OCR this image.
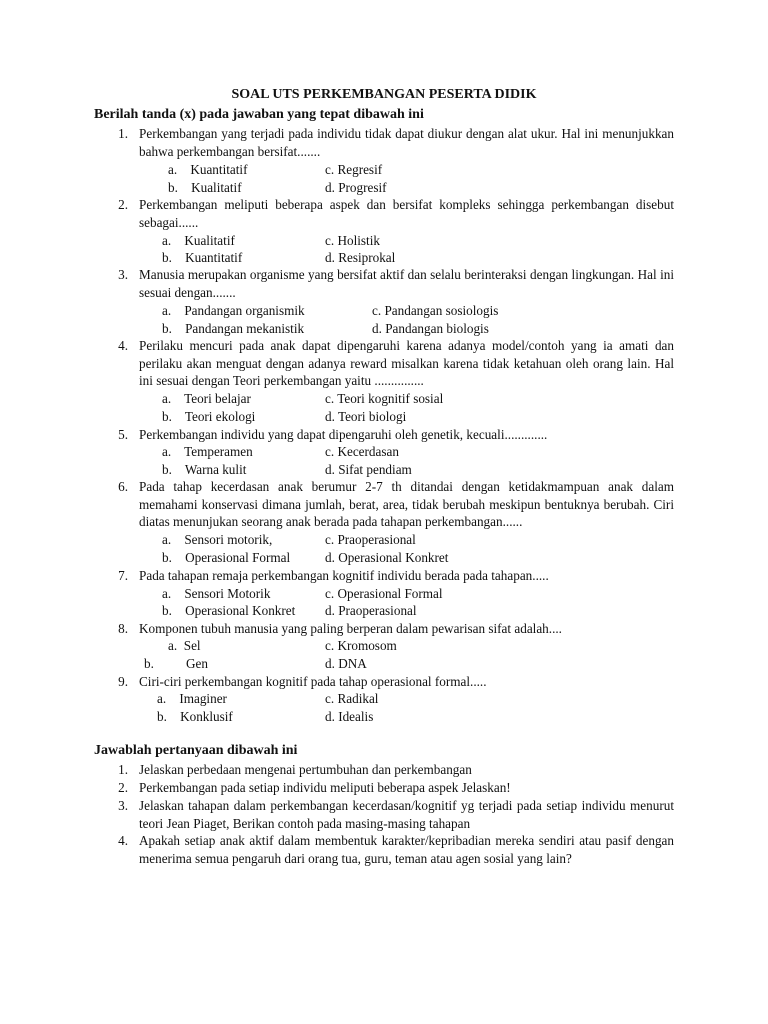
SOAL UTS PERKEMBANGAN PESERTA DIDIK
Berilah tanda (x) pada jawaban yang tepat dibawah ini
1. Perkembangan yang terjadi pada individu tidak dapat diukur dengan alat ukur. Hal ini menunjukkan bahwa perkembangan bersifat.......
a.    Kuantitatif	c. Regresif
b.    Kualitatif	d. Progresif
2. Perkembangan meliputi beberapa aspek dan bersifat kompleks sehingga perkembangan disebut sebagai......
a.    Kualitatif	c. Holistik
b.    Kuantitatif	d. Resiprokal
3. Manusia merupakan organisme yang bersifat aktif dan selalu berinteraksi dengan lingkungan. Hal ini sesuai dengan.......
a.    Pandangan organismik	c. Pandangan sosiologis
b.    Pandangan mekanistik	d. Pandangan biologis
4. Perilaku mencuri pada anak dapat dipengaruhi karena adanya model/contoh yang ia amati dan perilaku akan menguat dengan adanya reward misalkan karena tidak ketahuan oleh orang lain. Hal ini sesuai dengan Teori perkembangan yaitu ...............
a.    Teori belajar	c. Teori kognitif sosial
b.    Teori ekologi	d. Teori biologi
5. Perkembangan individu yang dapat dipengaruhi oleh genetik, kecuali.............
a.    Temperamen	c. Kecerdasan
b.    Warna kulit	d. Sifat pendiam
6. Pada tahap kecerdasan anak berumur 2-7 th ditandai dengan ketidakmampuan anak dalam memahami konservasi dimana jumlah, berat, area, tidak berubah meskipun bentuknya berubah. Ciri diatas menunjukan seorang anak berada pada tahapan perkembangan......
a.    Sensori motorik,	c. Praoperasional
b.    Operasional Formal	d. Operasional Konkret
7. Pada tahapan remaja perkembangan kognitif individu berada pada tahapan.....
a.    Sensori Motorik	c. Operasional Formal
b.    Operasional Konkret d. Praoperasional
8. Komponen tubuh manusia yang paling berperan dalam pewarisan sifat adalah....
a.  Sel	c. Kromosom
b. Gen	d. DNA
9. Ciri-ciri perkembangan kognitif pada tahap operasional formal.....
a.    Imaginer	c. Radikal
b.    Konklusif	d. Idealis
Jawablah pertanyaan dibawah ini
1. Jelaskan perbedaan mengenai pertumbuhan dan perkembangan
2. Perkembangan pada setiap individu meliputi beberapa aspek Jelaskan!
3. Jelaskan tahapan dalam perkembangan kecerdasan/kognitif yg terjadi pada setiap individu menurut teori Jean Piaget, Berikan contoh pada masing-masing tahapan
4. Apakah setiap anak aktif dalam membentuk karakter/kepribadian mereka sendiri atau pasif dengan menerima semua pengaruh dari orang tua, guru, teman atau agen sosial yang lain?
